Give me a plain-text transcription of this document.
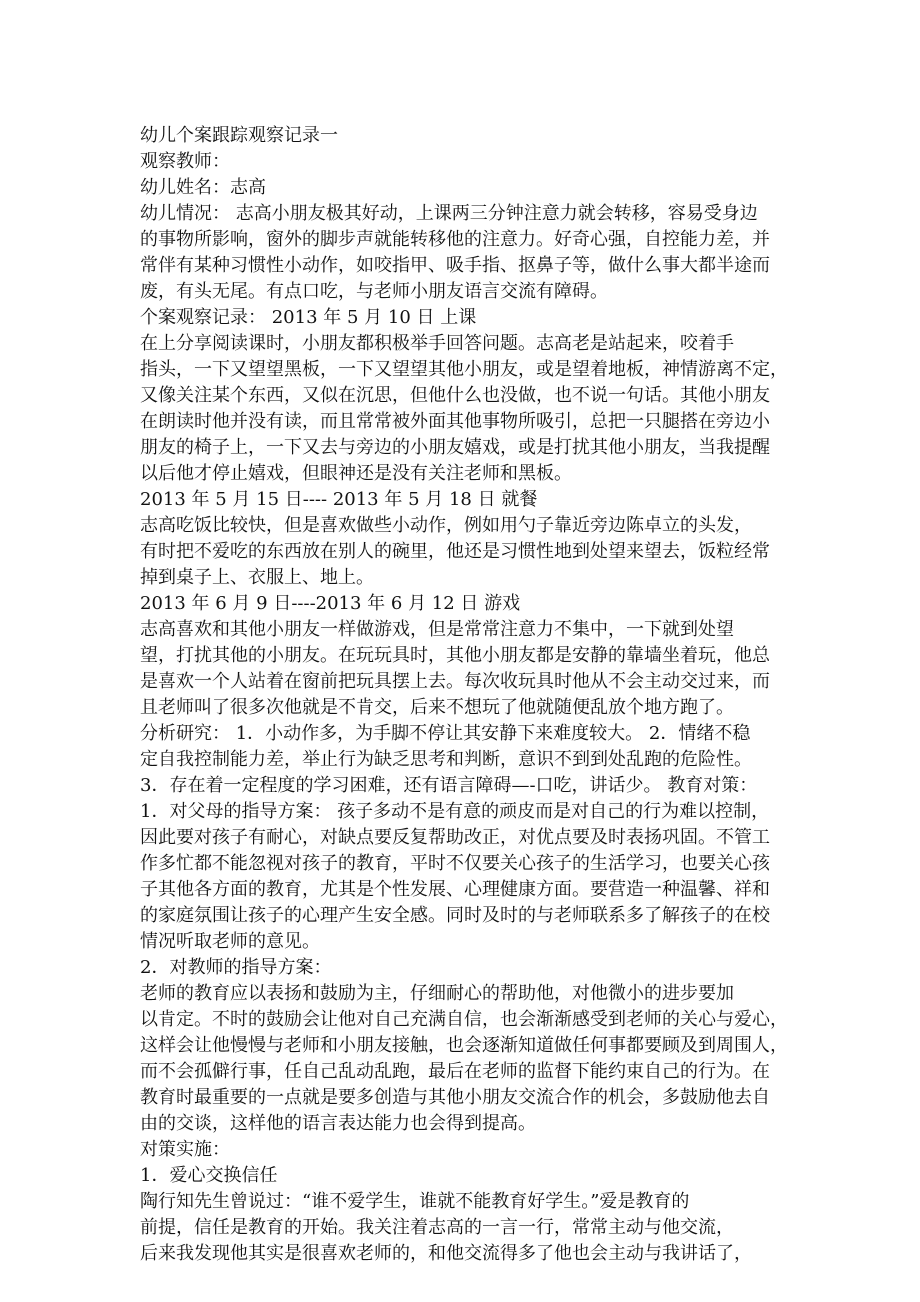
幼儿个案跟踪观察记录一
观察教师：
幼儿姓名：志高
幼儿情况： 志高小朋友极其好动，上课两三分钟注意力就会转移，容易受身边
的事物所影响，窗外的脚步声就能转移他的注意力。好奇心强，自控能力差，并
常伴有某种习惯性小动作，如咬指甲、吸手指、抠鼻子等，做什么事大都半途而
废，有头无尾。有点口吃，与老师小朋友语言交流有障碍。
个案观察记录： 2013 年 5 月 10 日 上课
在上分享阅读课时，小朋友都积极举手回答问题。志高老是站起来，咬着手
指头，一下又望望黑板，一下又望望其他小朋友，或是望着地板，神情游离不定，
又像关注某个东西，又似在沉思，但他什么也没做，也不说一句话。其他小朋友
在朗读时他并没有读，而且常常被外面其他事物所吸引，总把一只腿搭在旁边小
朋友的椅子上，一下又去与旁边的小朋友嬉戏，或是打扰其他小朋友，当我提醒
以后他才停止嬉戏，但眼神还是没有关注老师和黑板。
2013 年 5 月 15 日---- 2013 年 5 月 18 日 就餐
志高吃饭比较快，但是喜欢做些小动作，例如用勺子靠近旁边陈卓立的头发，
有时把不爱吃的东西放在别人的碗里，他还是习惯性地到处望来望去，饭粒经常
掉到桌子上、衣服上、地上。
2013 年 6 月 9 日----2013 年 6 月 12 日 游戏
志高喜欢和其他小朋友一样做游戏，但是常常注意力不集中，一下就到处望
望，打扰其他的小朋友。在玩玩具时，其他小朋友都是安静的靠墙坐着玩，他总
是喜欢一个人站着在窗前把玩具摆上去。每次收玩具时他从不会主动交过来，而
且老师叫了很多次他就是不肯交，后来不想玩了他就随便乱放个地方跑了。
分析研究： 1．小动作多，为手脚不停让其安静下来难度较大。 2．情绪不稳
定自我控制能力差，举止行为缺乏思考和判断，意识不到到处乱跑的危险性。
3．存在着一定程度的学习困难，还有语言障碍—-口吃，讲话少。 教育对策：
1．对父母的指导方案： 孩子多动不是有意的顽皮而是对自己的行为难以控制，
因此要对孩子有耐心，对缺点要反复帮助改正，对优点要及时表扬巩固。不管工
作多忙都不能忽视对孩子的教育，平时不仅要关心孩子的生活学习，也要关心孩
子其他各方面的教育，尤其是个性发展、心理健康方面。要营造一种温馨、祥和
的家庭氛围让孩子的心理产生安全感。同时及时的与老师联系多了解孩子的在校
情况听取老师的意见。
2．对教师的指导方案：
老师的教育应以表扬和鼓励为主，仔细耐心的帮助他，对他微小的进步要加
以肯定。不时的鼓励会让他对自己充满自信，也会渐渐感受到老师的关心与爱心，
这样会让他慢慢与老师和小朋友接触，也会逐渐知道做任何事都要顾及到周围人，
而不会孤僻行事，任自己乱动乱跑，最后在老师的监督下能约束自己的行为。在
教育时最重要的一点就是要多创造与其他小朋友交流合作的机会，多鼓励他去自
由的交谈，这样他的语言表达能力也会得到提高。
对策实施：
1．爱心交换信任
陶行知先生曾说过：“谁不爱学生，谁就不能教育好学生。”爱是教育的
前提，信任是教育的开始。我关注着志高的一言一行，常常主动与他交流，
后来我发现他其实是很喜欢老师的，和他交流得多了他也会主动与我讲话了，
